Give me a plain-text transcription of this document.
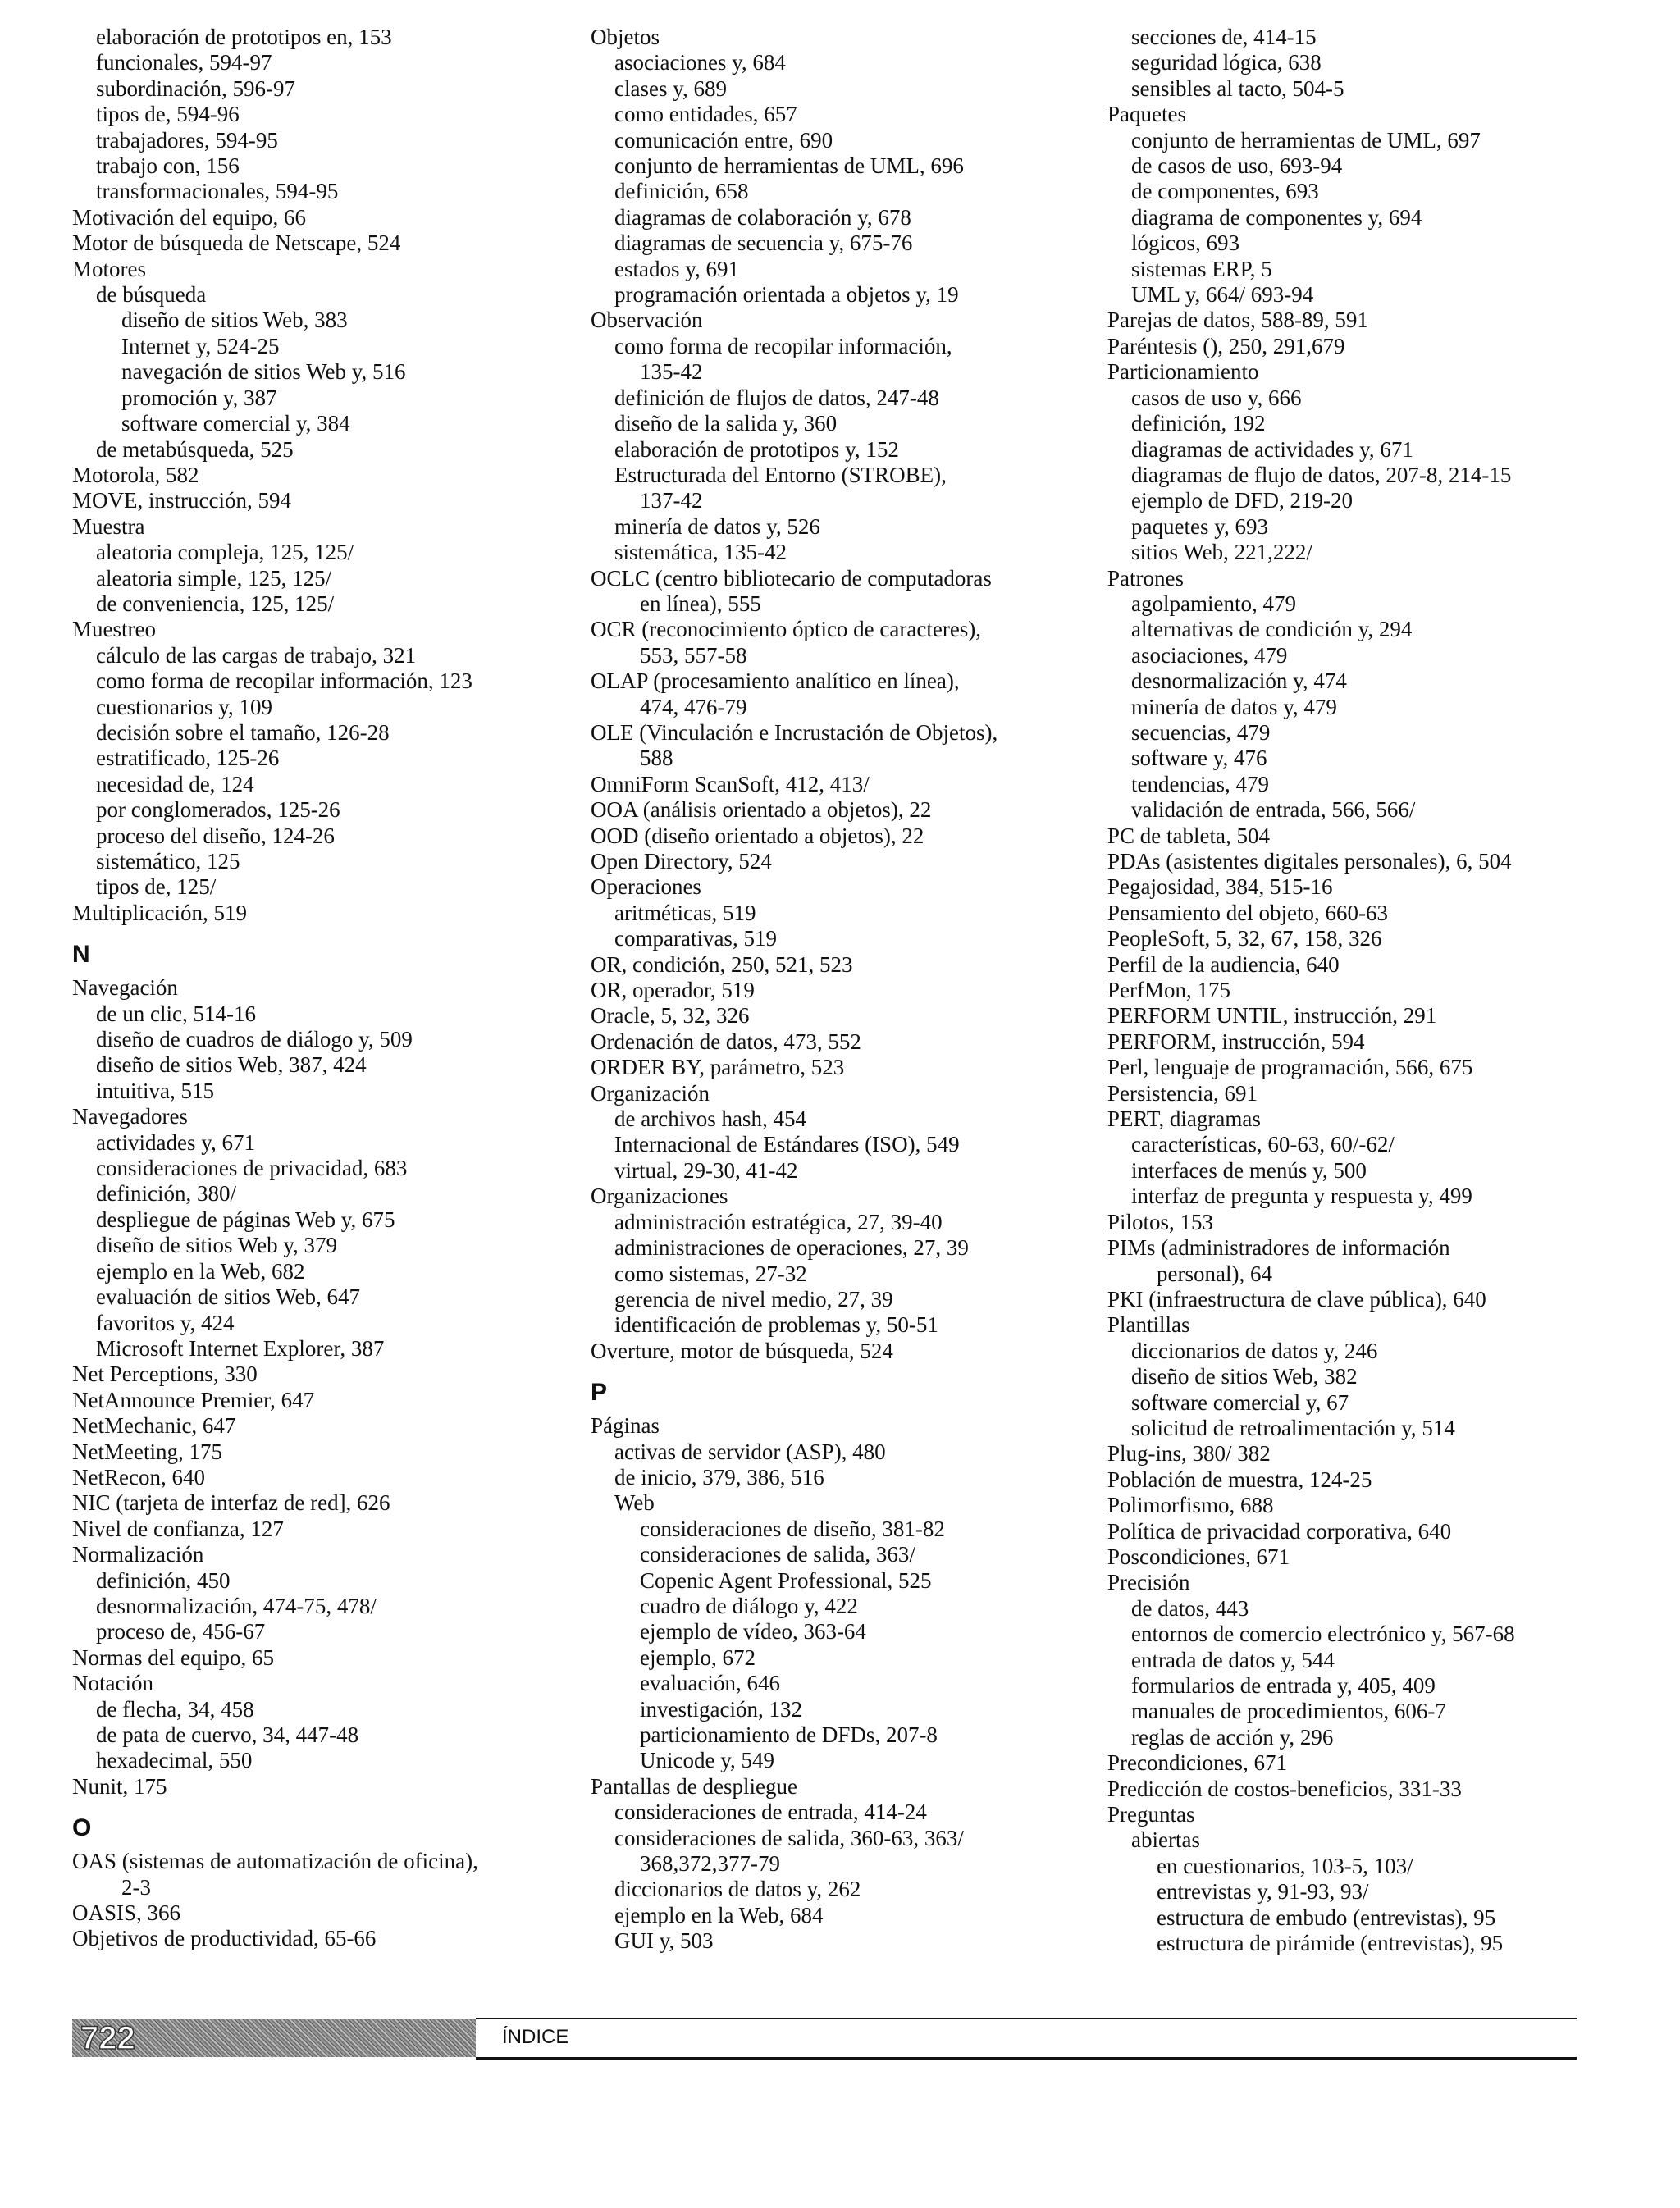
elaboración de prototipos en, 153
funcionales, 594-97
subordinación, 596-97
tipos de, 594-96
trabajadores, 594-95
trabajo con, 156
transformacionales, 594-95
Motivación del equipo, 66
Motor de búsqueda de Netscape, 524
Motores
de búsqueda
diseño de sitios Web, 383
Internet y, 524-25
navegación de sitios Web y, 516
promoción y, 387
software comercial y, 384
de metabúsqueda, 525
Motorola, 582
MOVE, instrucción, 594
Muestra
aleatoria compleja, 125, 125/
aleatoria simple, 125, 125/
de conveniencia, 125, 125/
Muestreo
cálculo de las cargas de trabajo, 321
como forma de recopilar información, 123
cuestionarios y, 109
decisión sobre el tamaño, 126-28
estratificado, 125-26
necesidad de, 124
por conglomerados, 125-26
proceso del diseño, 124-26
sistemático, 125
tipos de, 125/
Multiplicación, 519
N
Navegación
de un clic, 514-16
diseño de cuadros de diálogo y, 509
diseño de sitios Web, 387, 424
intuitiva, 515
Navegadores
actividades y, 671
consideraciones de privacidad, 683
definición, 380/
despliegue de páginas Web y, 675
diseño de sitios Web y, 379
ejemplo en la Web, 682
evaluación de sitios Web, 647
favoritos y, 424
Microsoft Internet Explorer, 387
Net Perceptions, 330
NetAnnounce Premier, 647
NetMechanic, 647
NetMeeting, 175
NetRecon, 640
NIC (tarjeta de interfaz de red], 626
Nivel de confianza, 127
Normalización
definición, 450
desnormalización, 474-75, 478/
proceso de, 456-67
Normas del equipo, 65
Notación
de flecha, 34, 458
de pata de cuervo, 34, 447-48
hexadecimal, 550
Nunit, 175
O
OAS (sistemas de automatización de oficina),
2-3
OASIS, 366
Objetivos de productividad, 65-66
Objetos
asociaciones y, 684
clases y, 689
como entidades, 657
comunicación entre, 690
conjunto de herramientas de UML, 696
definición, 658
diagramas de colaboración y, 678
diagramas de secuencia y, 675-76
estados y, 691
programación orientada a objetos y, 19
Observación
como forma de recopilar información,
135-42
definición de flujos de datos, 247-48
diseño de la salida y, 360
elaboración de prototipos y, 152
Estructurada del Entorno (STROBE),
137-42
minería de datos y, 526
sistemática, 135-42
OCLC (centro bibliotecario de computadoras
en línea), 555
OCR (reconocimiento óptico de caracteres),
553, 557-58
OLAP (procesamiento analítico en línea),
474, 476-79
OLE (Vinculación e Incrustación de Objetos),
588
OmniForm ScanSoft, 412, 413/
OOA (análisis orientado a objetos), 22
OOD (diseño orientado a objetos), 22
Open Directory, 524
Operaciones
aritméticas, 519
comparativas, 519
OR, condición, 250, 521, 523
OR, operador, 519
Oracle, 5, 32, 326
Ordenación de datos, 473, 552
ORDER BY, parámetro, 523
Organización
de archivos hash, 454
Internacional de Estándares (ISO), 549
virtual, 29-30, 41-42
Organizaciones
administración estratégica, 27, 39-40
administraciones de operaciones, 27, 39
como sistemas, 27-32
gerencia de nivel medio, 27, 39
identificación de problemas y, 50-51
Overture, motor de búsqueda, 524
P
Páginas
activas de servidor (ASP), 480
de inicio, 379, 386, 516
Web
consideraciones de diseño, 381-82
consideraciones de salida, 363/
Copenic Agent Professional, 525
cuadro de diálogo y, 422
ejemplo de vídeo, 363-64
ejemplo, 672
evaluación, 646
investigación, 132
particionamiento de DFDs, 207-8
Unicode y, 549
Pantallas de despliegue
consideraciones de entrada, 414-24
consideraciones de salida, 360-63, 363/
368,372,377-79
diccionarios de datos y, 262
ejemplo en la Web, 684
GUI y, 503
secciones de, 414-15
seguridad lógica, 638
sensibles al tacto, 504-5
Paquetes
conjunto de herramientas de UML, 697
de casos de uso, 693-94
de componentes, 693
diagrama de componentes y, 694
lógicos, 693
sistemas ERP, 5
UML y, 664/ 693-94
Parejas de datos, 588-89, 591
Paréntesis (), 250, 291,679
Particionamiento
casos de uso y, 666
definición, 192
diagramas de actividades y, 671
diagramas de flujo de datos, 207-8, 214-15
ejemplo de DFD, 219-20
paquetes y, 693
sitios Web, 221,222/
Patrones
agolpamiento, 479
alternativas de condición y, 294
asociaciones, 479
desnormalización y, 474
minería de datos y, 479
secuencias, 479
software y, 476
tendencias, 479
validación de entrada, 566, 566/
PC de tableta, 504
PDAs (asistentes digitales personales), 6, 504
Pegajosidad, 384, 515-16
Pensamiento del objeto, 660-63
PeopleSoft, 5, 32, 67, 158, 326
Perfil de la audiencia, 640
PerfMon, 175
PERFORM UNTIL, instrucción, 291
PERFORM, instrucción, 594
Perl, lenguaje de programación, 566, 675
Persistencia, 691
PERT, diagramas
características, 60-63, 60/-62/
interfaces de menús y, 500
interfaz de pregunta y respuesta y, 499
Pilotos, 153
PIMs (administradores de información
personal), 64
PKI (infraestructura de clave pública), 640
Plantillas
diccionarios de datos y, 246
diseño de sitios Web, 382
software comercial y, 67
solicitud de retroalimentación y, 514
Plug-ins, 380/ 382
Población de muestra, 124-25
Polimorfismo, 688
Política de privacidad corporativa, 640
Poscondiciones, 671
Precisión
de datos, 443
entornos de comercio electrónico y, 567-68
entrada de datos y, 544
formularios de entrada y, 405, 409
manuales de procedimientos, 606-7
reglas de acción y, 296
Precondiciones, 671
Predicción de costos-beneficios, 331-33
Preguntas
abiertas
en cuestionarios, 103-5, 103/
entrevistas y, 91-93, 93/
estructura de embudo (entrevistas), 95
estructura de pirámide (entrevistas), 95
722	ÍNDICE
